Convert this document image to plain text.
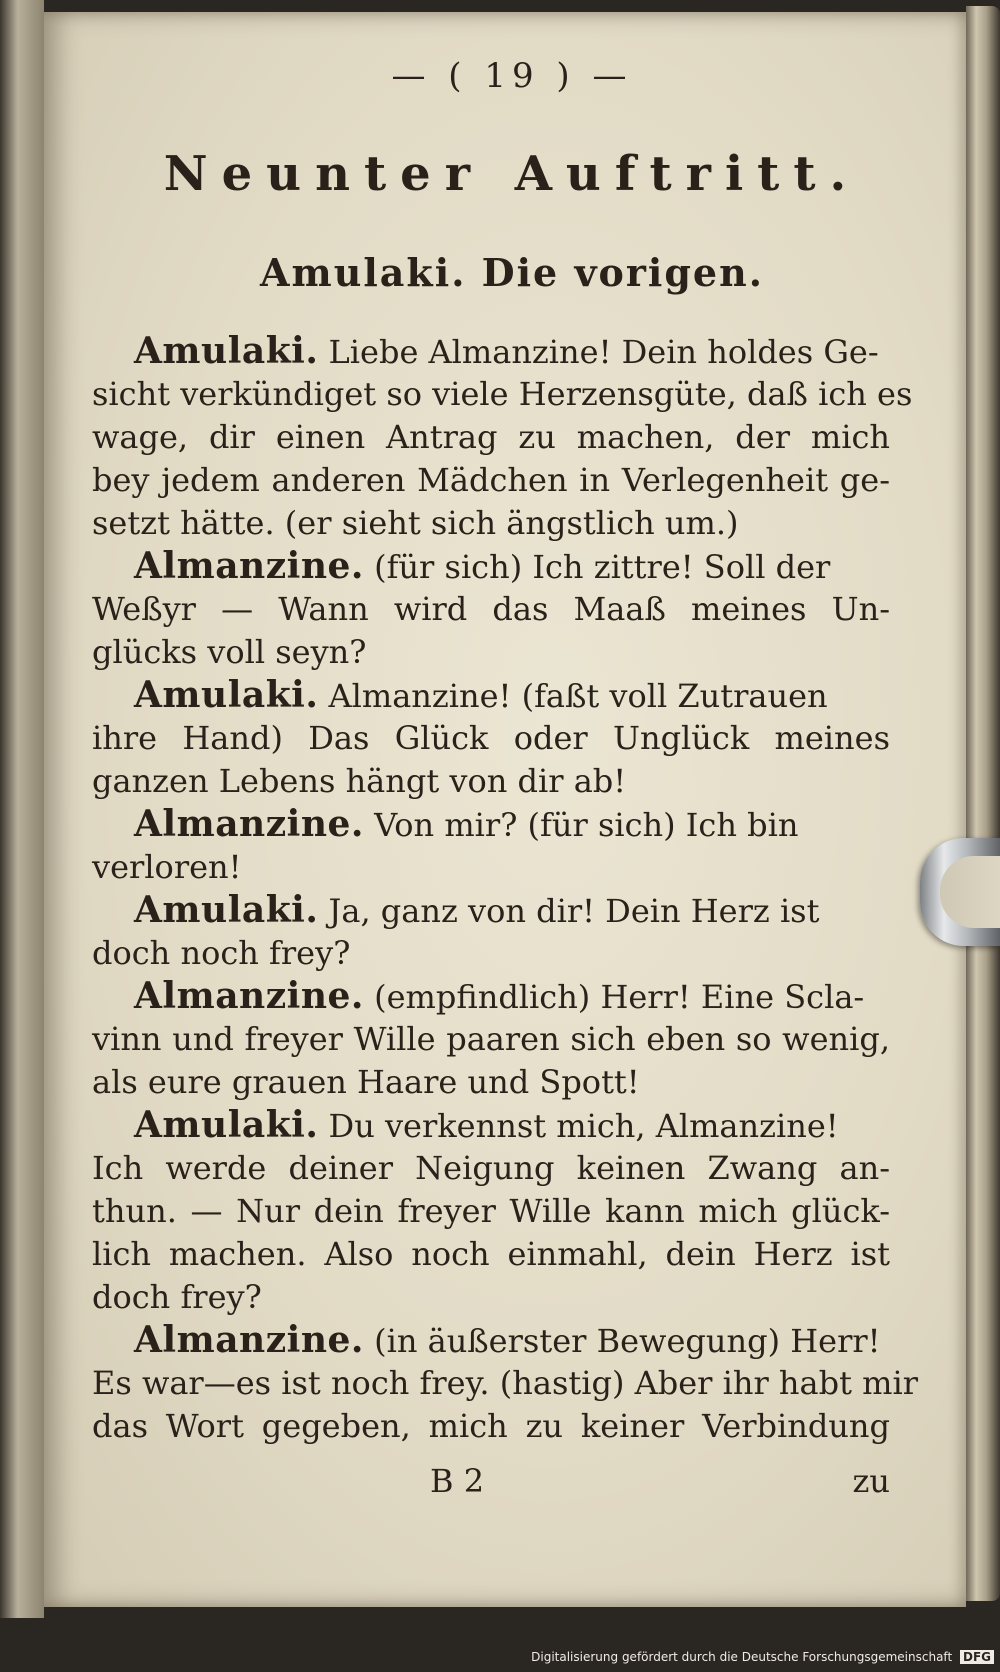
— ( 19 ) —
Neunter Auftritt.
Amulaki. Die vorigen.
Amulaki. Liebe Almanzine! Dein holdes Ge-
sicht verkündiget so viele Herzensgüte, daß ich es
wage, dir einen Antrag zu machen, der mich
bey jedem anderen Mädchen in Verlegenheit ge-
setzt hätte. (er sieht sich ängstlich um.)
Almanzine. (für sich) Ich zittre! Soll der
Weßyr — Wann wird das Maaß meines Un-
glücks voll seyn?
Amulaki. Almanzine! (faßt voll Zutrauen
ihre Hand) Das Glück oder Unglück meines
ganzen Lebens hängt von dir ab!
Almanzine. Von mir? (für sich) Ich bin
verloren!
Amulaki. Ja, ganz von dir! Dein Herz ist
doch noch frey?
Almanzine. (empfindlich) Herr! Eine Scla-
vinn und freyer Wille paaren sich eben so wenig,
als eure grauen Haare und Spott!
Amulaki. Du verkennst mich, Almanzine!
Ich werde deiner Neigung keinen Zwang an-
thun. — Nur dein freyer Wille kann mich glück-
lich machen. Also noch einmahl, dein Herz ist
doch frey?
Almanzine. (in äußerster Bewegung) Herr!
Es war—es ist noch frey. (hastig) Aber ihr habt mir
das Wort gegeben, mich zu keiner Verbindung
B 2	zu
Digitalisierung gefördert durch die Deutsche Forschungsgemeinschaft DFG
